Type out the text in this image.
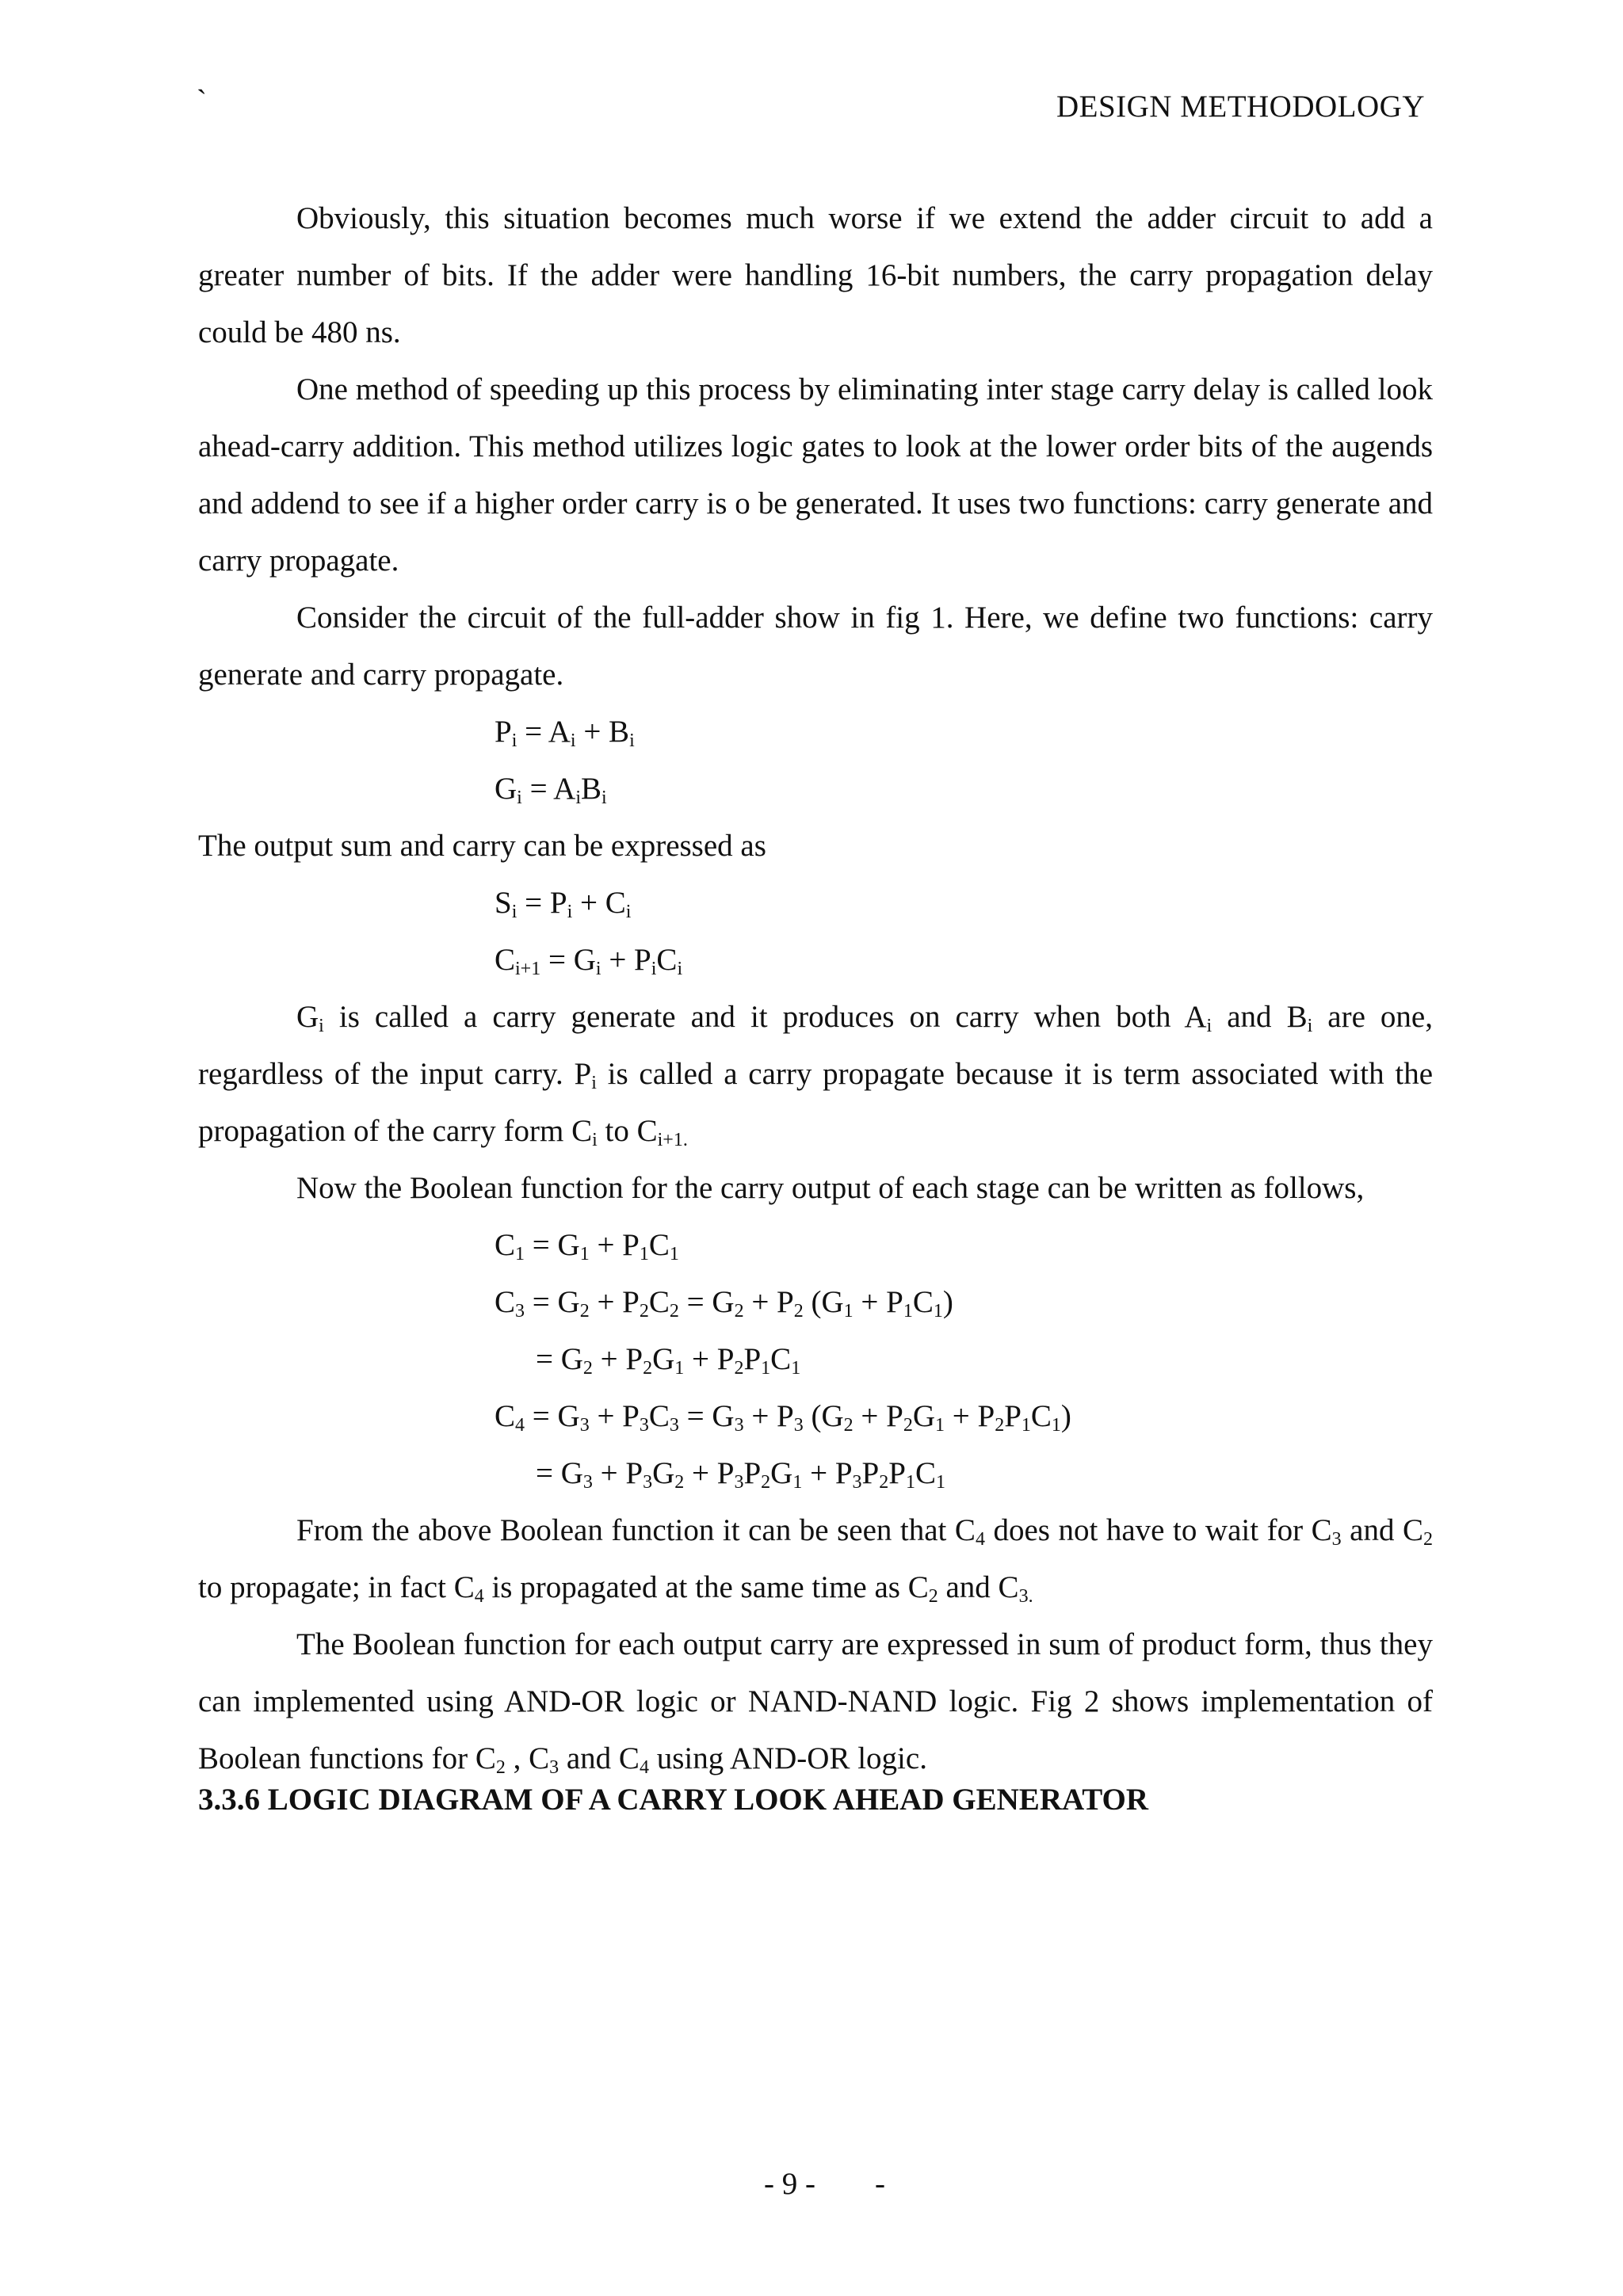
`	DESIGN METHODOLOGY
Obviously, this situation becomes much worse if we extend the adder circuit to add a greater number of bits. If the adder were handling 16-bit numbers, the carry propagation delay could be 480 ns.
One method of speeding up this process by eliminating inter stage carry delay is called look ahead-carry addition. This method utilizes logic gates to look at the lower order bits of the augends and addend to see if a higher order carry is o be generated. It uses two functions: carry generate and carry propagate.
Consider the circuit of the full-adder show in fig 1. Here, we define two functions: carry generate and carry propagate.
$P_i = A_i + B_i$
$G_i = A_iB_i$
The output sum and carry can be expressed as
$S_i = P_i + C_i$
$C_{i+1} = G_i + P_iC_i$
$G_i$ is called a carry generate and it produces on carry when both $A_i$ and $B_i$ are one, regardless of the input carry. $P_i$ is called a carry propagate because it is term associated with the propagation of the carry form $C_i$ to $C_{i+1.}$
Now the Boolean function for the carry output of each stage can be written as follows,
$C_1 = G_1 + P_1C_1$
$C_3 = G_2 + P_2C_2 = G_2 + P_2$ $(G_1 + P_1C_1)$
= $G_2 + P_2G_1 + P_2P_1C_1$
$C_4 = G_3 + P_3C_3 = G_3 + P_3$ $(G_2 + P_2G_1 + P_2P_1C_1)$
= $G_3 + P_3G_2 + P_3P_2G_1 + P_3P_2P_1C_1$
From the above Boolean function it can be seen that $C_4$ does not have to wait for $C_3$ and $C_2$ to propagate; in fact $C_4$ is propagated at the same time as $C_2$ and $C_{3.}$
The Boolean function for each output carry are expressed in sum of product form, thus they can implemented using AND-OR logic or NAND-NAND logic. Fig 2 shows implementation of Boolean functions for $C_2$ , $C_3$ and $C_4$ using AND-OR logic.
3.3.6 LOGIC DIAGRAM OF A CARRY LOOK AHEAD GENERATOR
- 9 - -
